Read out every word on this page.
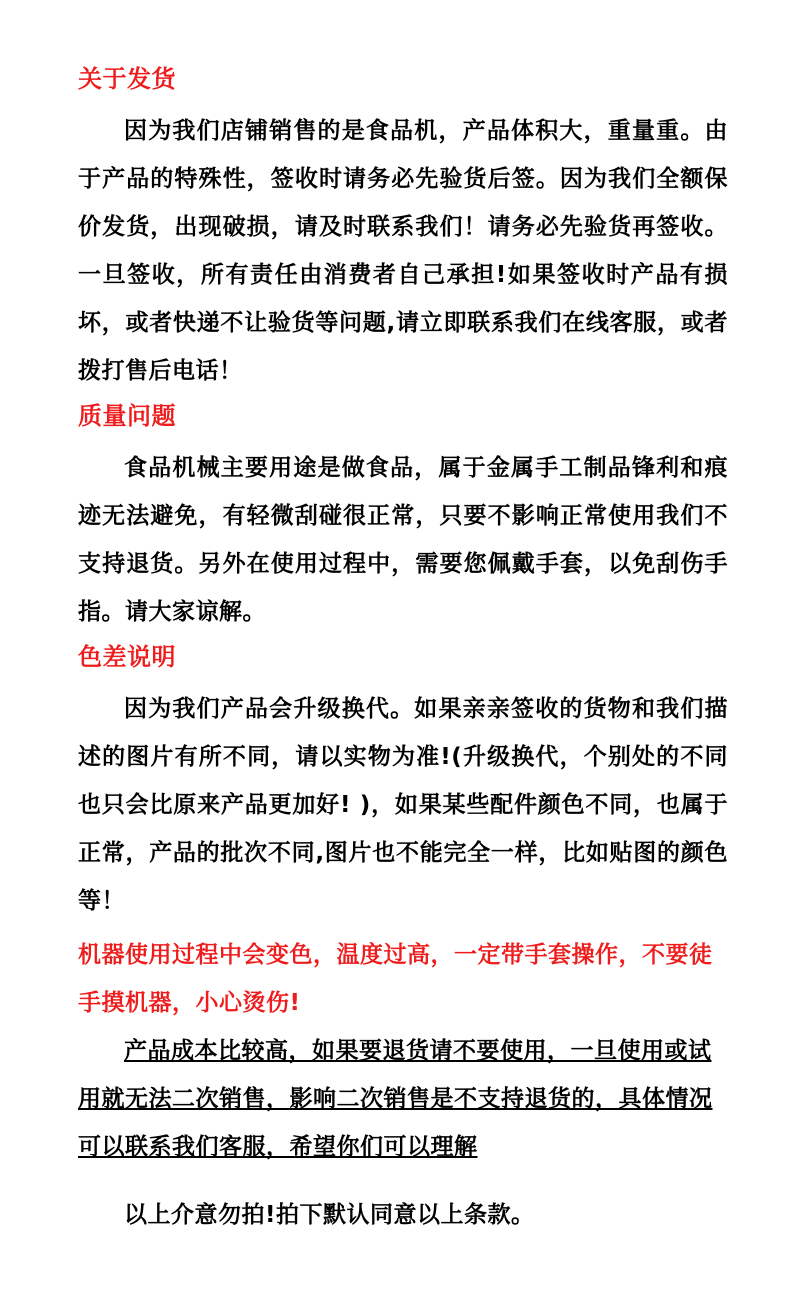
关于发货

因为我们店铺销售的是食品机，产品体积大，重量重。由于产品的特殊性，签收时请务必先验货后签。因为我们全额保价发货，出现破损，请及时联系我们！请务必先验货再签收。一旦签收，所有责任由消费者自己承担!如果签收时产品有损坏，或者快递不让验货等问题,请立即联系我们在线客服，或者拨打售后电话！

质量问题

食品机械主要用途是做食品，属于金属手工制品锋利和痕迹无法避免，有轻微刮碰很正常，只要不影响正常使用我们不支持退货。另外在使用过程中，需要您佩戴手套，以免刮伤手指。请大家谅解。

色差说明

因为我们产品会升级换代。如果亲亲签收的货物和我们描述的图片有所不同，请以实物为准!(升级换代，个别处的不同也只会比原来产品更加好! )，如果某些配件颜色不同，也属于正常，产品的批次不同,图片也不能完全一样，比如贴图的颜色等！

机器使用过程中会变色，温度过高，一定带手套操作，不要徒手摸机器，小心烫伤!

产品成本比较高，如果要退货请不要使用，一旦使用或试用就无法二次销售，影响二次销售是不支持退货的，具体情况可以联系我们客服，希望你们可以理解

以上介意勿拍!拍下默认同意以上条款。
